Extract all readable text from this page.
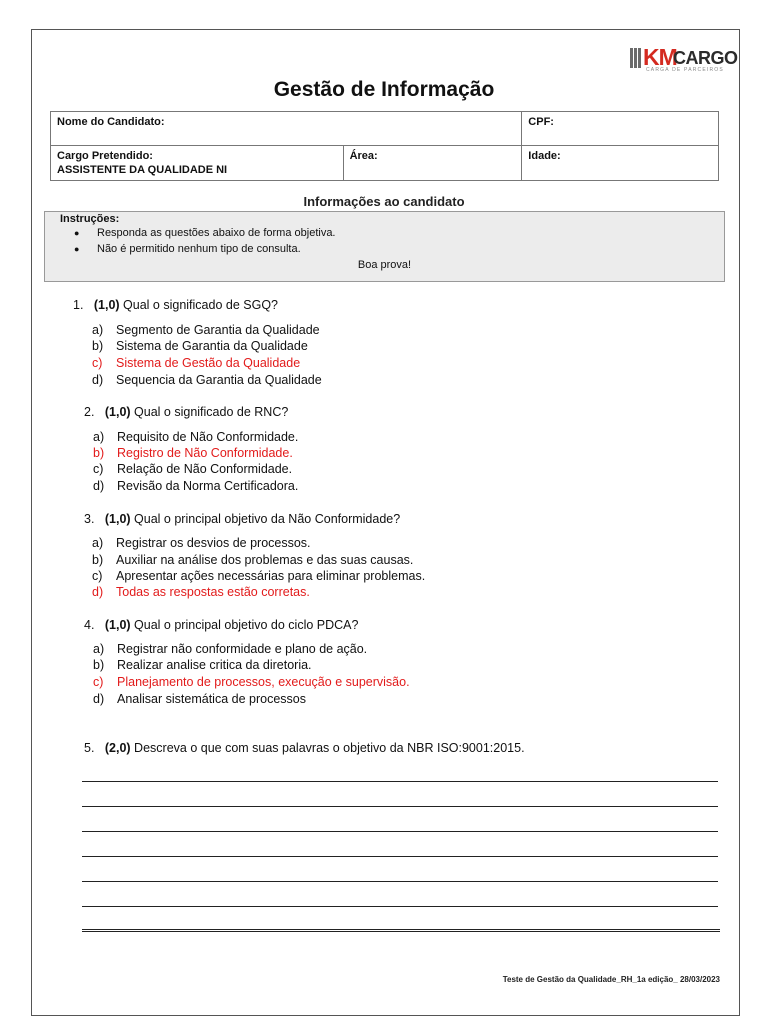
KM
CARGO
CARGA DE PARCEIROS
Gestão de Informação
Nome do Candidato:		CPF:

Cargo Pretendido:
ASSISTENTE DA QUALIDADE NI	Área:	Idade:
Informações ao candidato
Instruções:
● Responda as questões abaixo de forma objetiva.
● Não é permitido nenhum tipo de consulta.
Boa prova!
1. (1,0) Qual o significado de SGQ?
a) Segmento de Garantia da Qualidade
b) Sistema de Garantia da Qualidade
c) Sistema de Gestão da Qualidade
d) Sequencia da Garantia da Qualidade
2. (1,0) Qual o significado de RNC?
a) Requisito de Não Conformidade.
b) Registro de Não Conformidade.
c) Relação de Não Conformidade.
d) Revisão da Norma Certificadora.
3. (1,0) Qual o principal objetivo da Não Conformidade?
a) Registrar os desvios de processos.
b) Auxiliar na análise dos problemas e das suas causas.
c) Apresentar ações necessárias para eliminar problemas.
d) Todas as respostas estão corretas.
4. (1,0) Qual o principal objetivo do ciclo PDCA?
a) Registrar não conformidade e plano de ação.
b) Realizar analise critica da diretoria.
c) Planejamento de processos, execução e supervisão.
d) Analisar sistemática de processos
5. (2,0) Descreva o que com suas palavras o objetivo da NBR ISO:9001:2015.
Teste de Gestão da Qualidade_RH_1a edição_ 28/03/2023
